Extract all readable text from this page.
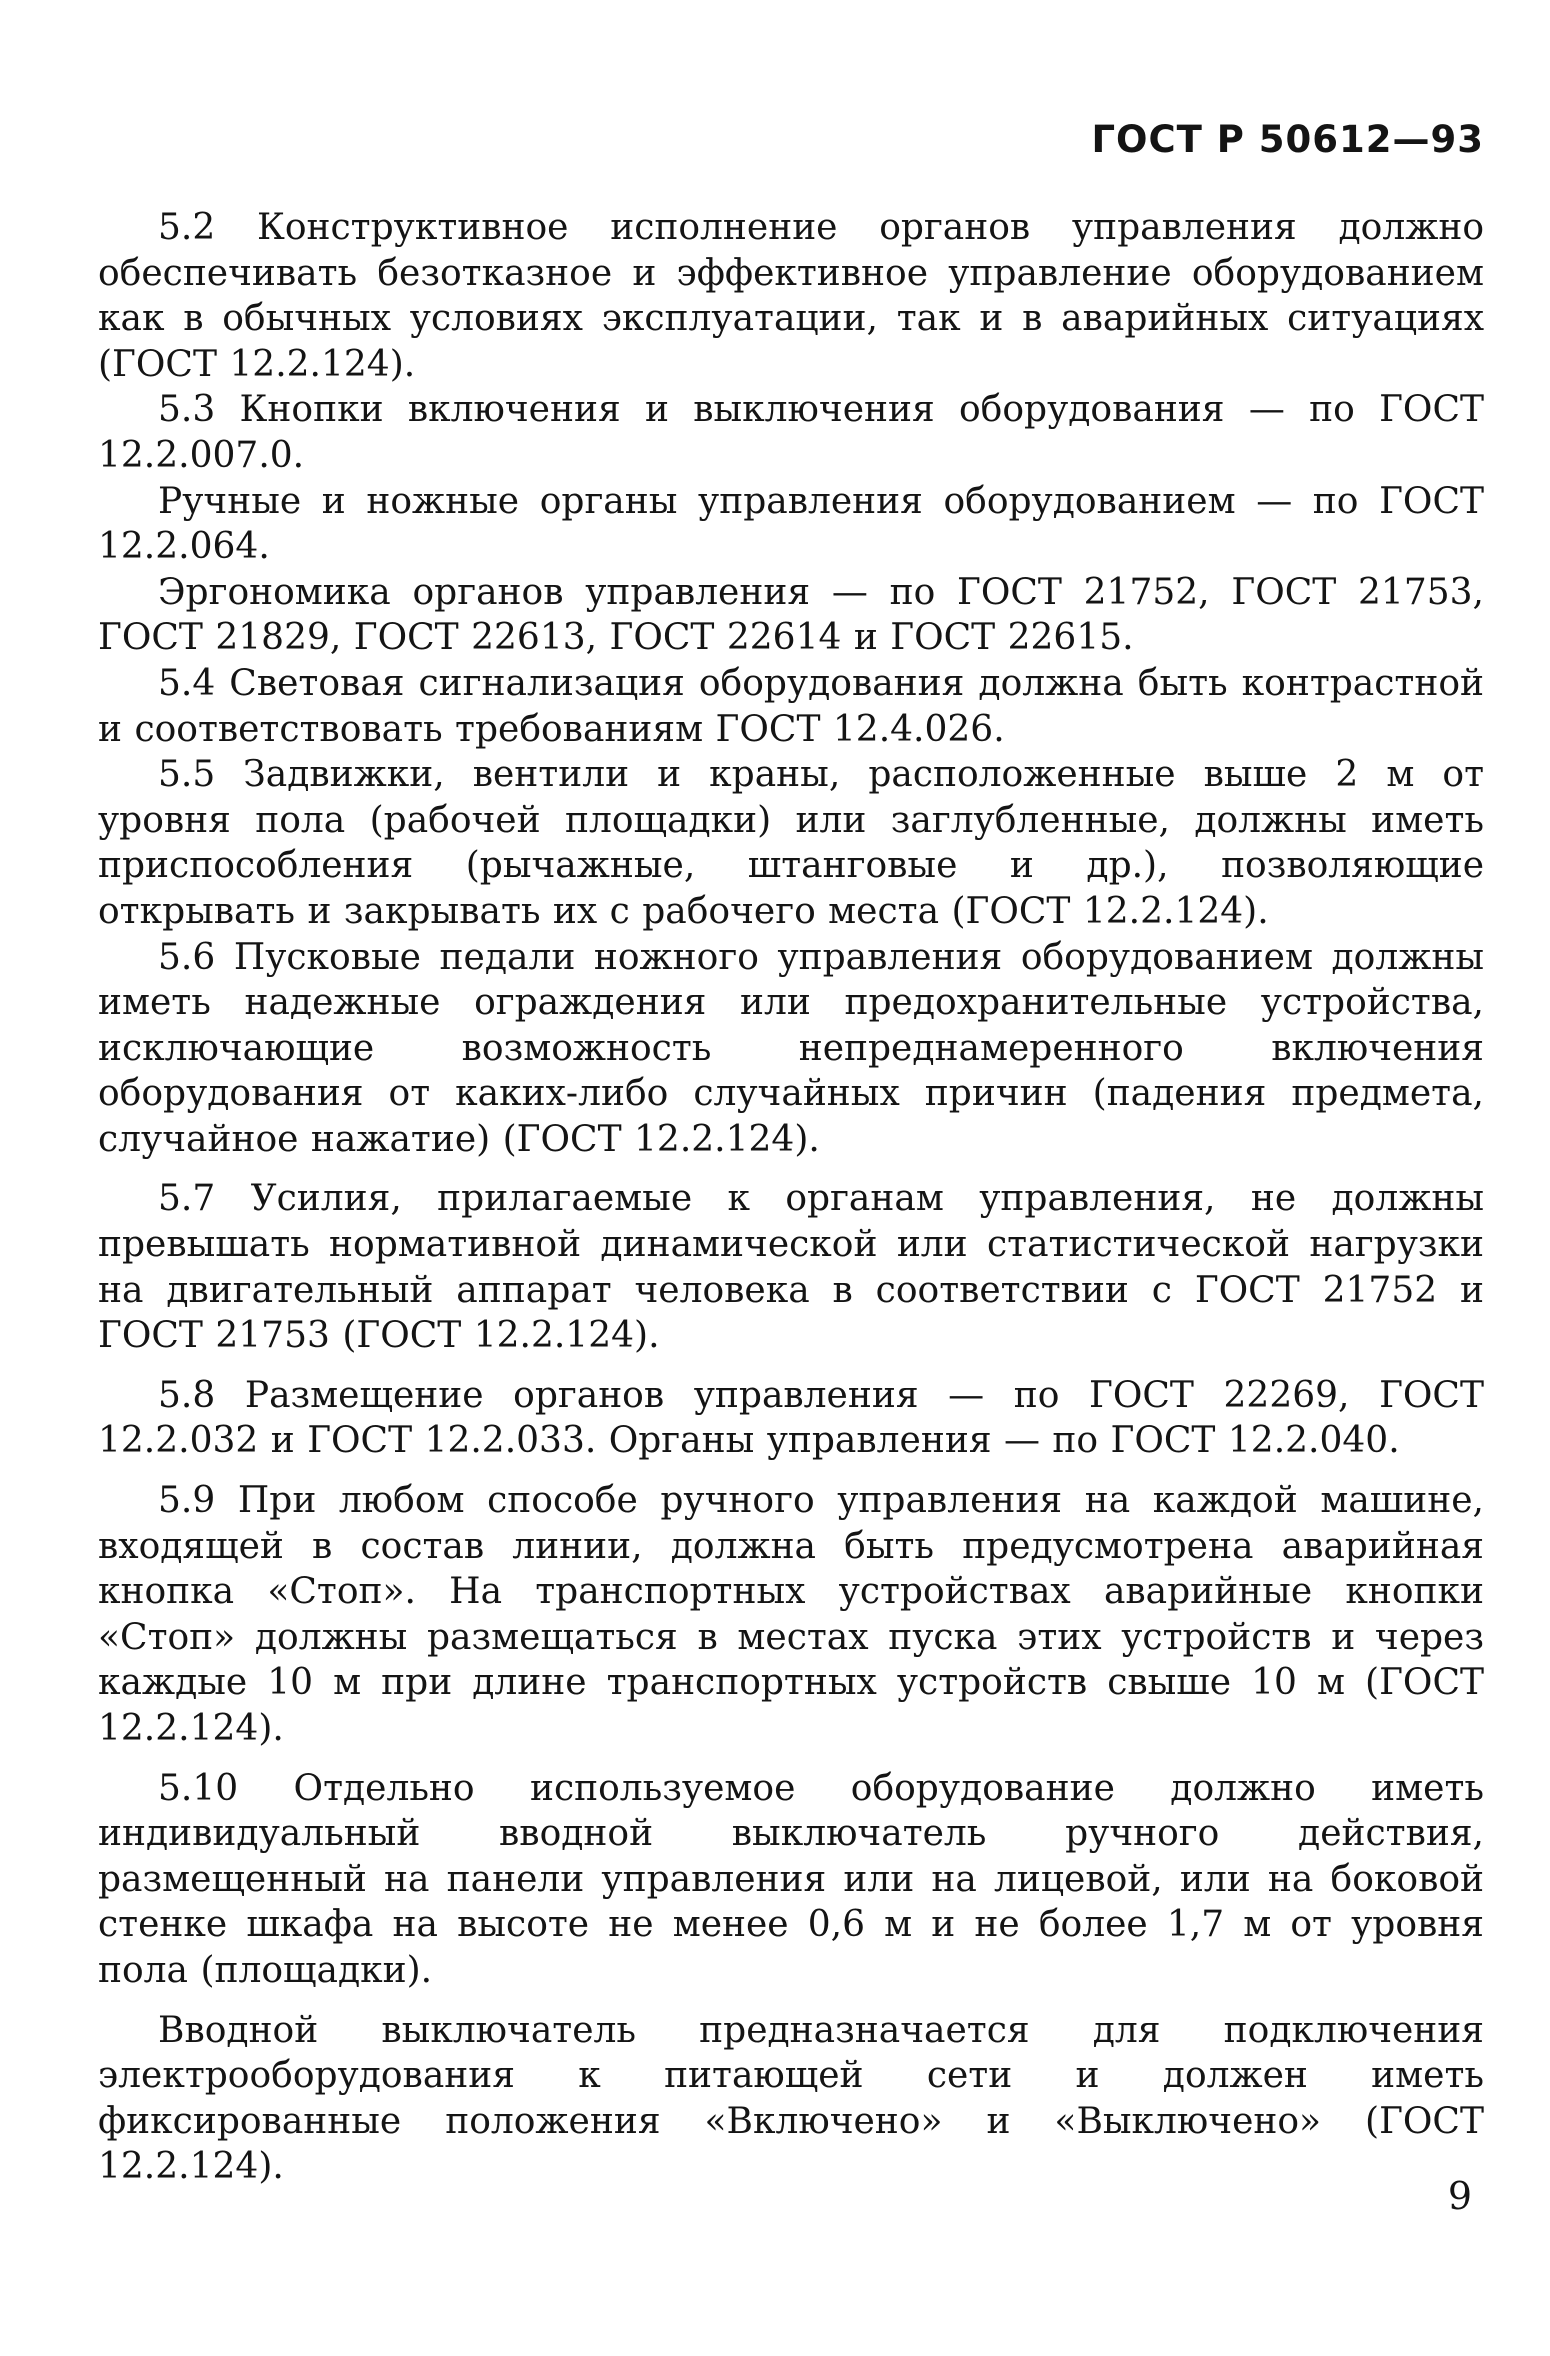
ГОСТ Р 50612—93

5.2 Конструктивное исполнение органов управления должно обеспечивать безотказное и эффективное управление оборудованием как в обычных условиях эксплуатации, так и в аварийных ситуациях (ГОСТ 12.2.124).

5.3 Кнопки включения и выключения оборудования — по ГОСТ 12.2.007.0.

Ручные и ножные органы управления оборудованием — по ГОСТ 12.2.064.

Эргономика органов управления — по ГОСТ 21752, ГОСТ 21753, ГОСТ 21829, ГОСТ 22613, ГОСТ 22614 и ГОСТ 22615.

5.4 Световая сигнализация оборудования должна быть контрастной и соответствовать требованиям ГОСТ 12.4.026.

5.5 Задвижки, вентили и краны, расположенные выше 2 м от уровня пола (рабочей площадки) или заглубленные, должны иметь приспособления (рычажные, штанговые и др.), позволяющие открывать и закрывать их с рабочего места (ГОСТ 12.2.124).

5.6 Пусковые педали ножного управления оборудованием должны иметь надежные ограждения или предохранительные устройства, исключающие возможность непреднамеренного включения оборудования от каких-либо случайных причин (падения предмета, случайное нажатие) (ГОСТ 12.2.124).

5.7 Усилия, прилагаемые к органам управления, не должны превышать нормативной динамической или статистической нагрузки на двигательный аппарат человека в соответствии с ГОСТ 21752 и ГОСТ 21753 (ГОСТ 12.2.124).

5.8 Размещение органов управления — по ГОСТ 22269, ГОСТ 12.2.032 и ГОСТ 12.2.033. Органы управления — по ГОСТ 12.2.040.

5.9 При любом способе ручного управления на каждой машине, входящей в состав линии, должна быть предусмотрена аварийная кнопка «Стоп». На транспортных устройствах аварийные кнопки «Стоп» должны размещаться в местах пуска этих устройств и через каждые 10 м при длине транспортных устройств свыше 10 м (ГОСТ 12.2.124).

5.10 Отдельно используемое оборудование должно иметь индивидуальный вводной выключатель ручного действия, размещенный на панели управления или на лицевой, или на боковой стенке шкафа на высоте не менее 0,6 м и не более 1,7 м от уровня пола (площадки).

Вводной выключатель предназначается для подключения электрооборудования к питающей сети и должен иметь фиксированные положения «Включено» и «Выключено» (ГОСТ 12.2.124).

9
